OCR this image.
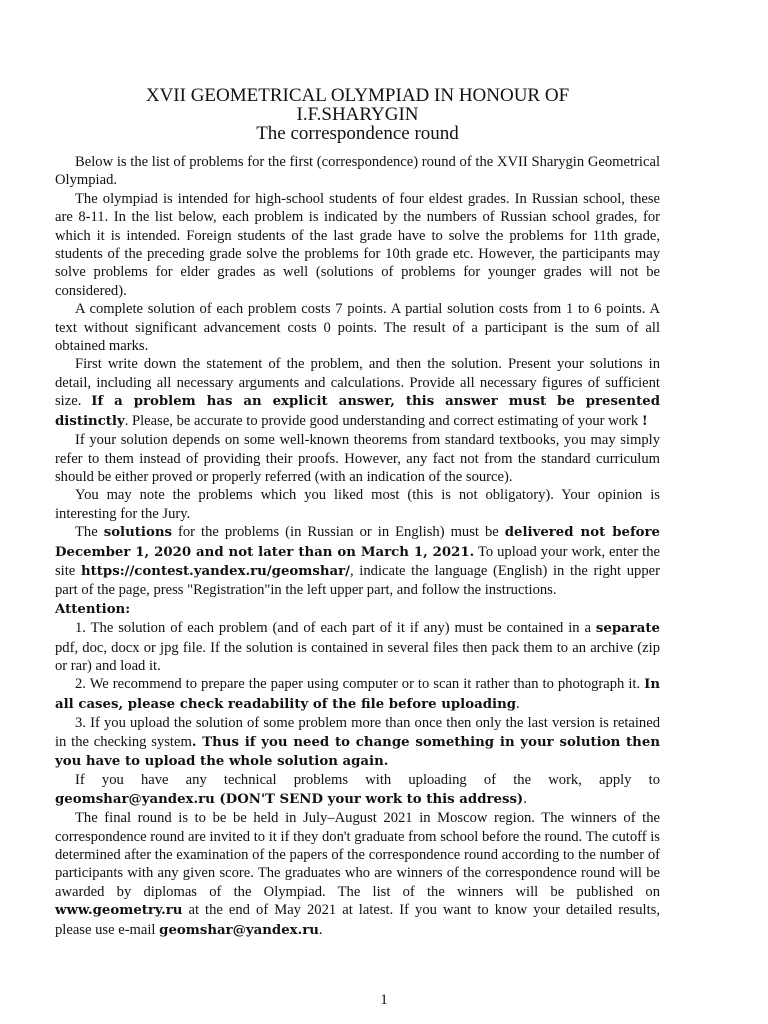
XVII GEOMETRICAL OLYMPIAD IN HONOUR OF
I.F.SHARYGIN
The correspondence round

Below is the list of problems for the first (correspondence) round of the XVII Sharygin Geometrical Olympiad.

The olympiad is intended for high-school students of four eldest grades. In Russian school, these are 8-11. In the list below, each problem is indicated by the numbers of Russian school grades, for which it is intended. Foreign students of the last grade have to solve the problems for 11th grade, students of the preceding grade solve the problems for 10th grade etc. However, the participants may solve problems for elder grades as well (solutions of problems for younger grades will not be considered).

A complete solution of each problem costs 7 points. A partial solution costs from 1 to 6 points. A text without significant advancement costs 0 points. The result of a participant is the sum of all obtained marks.

First write down the statement of the problem, and then the solution. Present your solutions in detail, including all necessary arguments and calculations. Provide all necessary figures of sufficient size. If a problem has an explicit answer, this answer must be presented distinctly. Please, be accurate to provide good understanding and correct estimating of your work !

If your solution depends on some well-known theorems from standard textbooks, you may simply refer to them instead of providing their proofs. However, any fact not from the standard curriculum should be either proved or properly referred (with an indication of the source).

You may note the problems which you liked most (this is not obligatory). Your opinion is interesting for the Jury.

The solutions for the problems (in Russian or in English) must be delivered not before December 1, 2020 and not later than on March 1, 2021. To upload your work, enter the site https://contest.yandex.ru/geomshar/, indicate the language (English) in the right upper part of the page, press "Registration"in the left upper part, and follow the instructions.

Attention:

1. The solution of each problem (and of each part of it if any) must be contained in a separate pdf, doc, docx or jpg file. If the solution is contained in several files then pack them to an archive (zip or rar) and load it.

2. We recommend to prepare the paper using computer or to scan it rather than to photograph it. In all cases, please check readability of the file before uploading.

3. If you upload the solution of some problem more than once then only the last version is retained in the checking system. Thus if you need to change something in your solution then you have to upload the whole solution again.

If you have any technical problems with uploading of the work, apply to geomshar@yandex.ru (DON'T SEND your work to this address).

The final round is to be be held in July–August 2021 in Moscow region. The winners of the correspondence round are invited to it if they don't graduate from school before the round. The cutoff is determined after the examination of the papers of the correspondence round according to the number of participants with any given score. The graduates who are winners of the correspondence round will be awarded by diplomas of the Olympiad. The list of the winners will be published on www.geometry.ru at the end of May 2021 at latest. If you want to know your detailed results, please use e-mail geomshar@yandex.ru.

1
